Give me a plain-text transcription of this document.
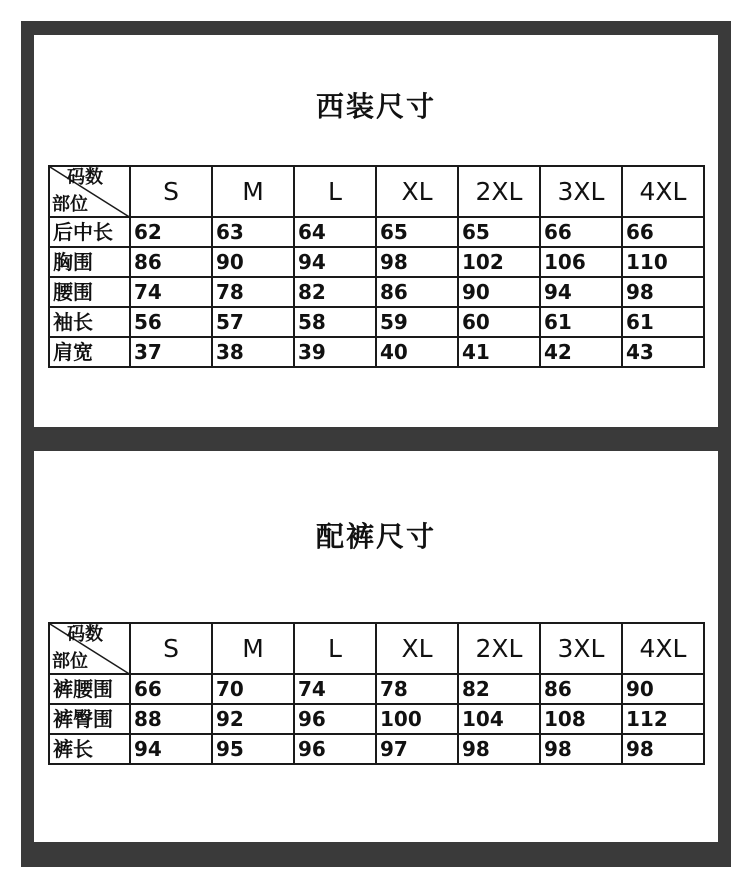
西装尺寸
配裤尺寸
码数
部位	S	M	L	XL	2XL	3XL	4XL
后中长	62	63	64	65	65	66	66
胸围	86	90	94	98	102	106	110
腰围	74	78	82	86	90	94	98
袖长	56	57	58	59	60	61	61
肩宽	37	38	39	40	41	42	43
码数
部位	S	M	L	XL	2XL	3XL	4XL
裤腰围	66	70	74	78	82	86	90
裤臀围	88	92	96	100	104	108	112
裤长	94	95	96	97	98	98	98
